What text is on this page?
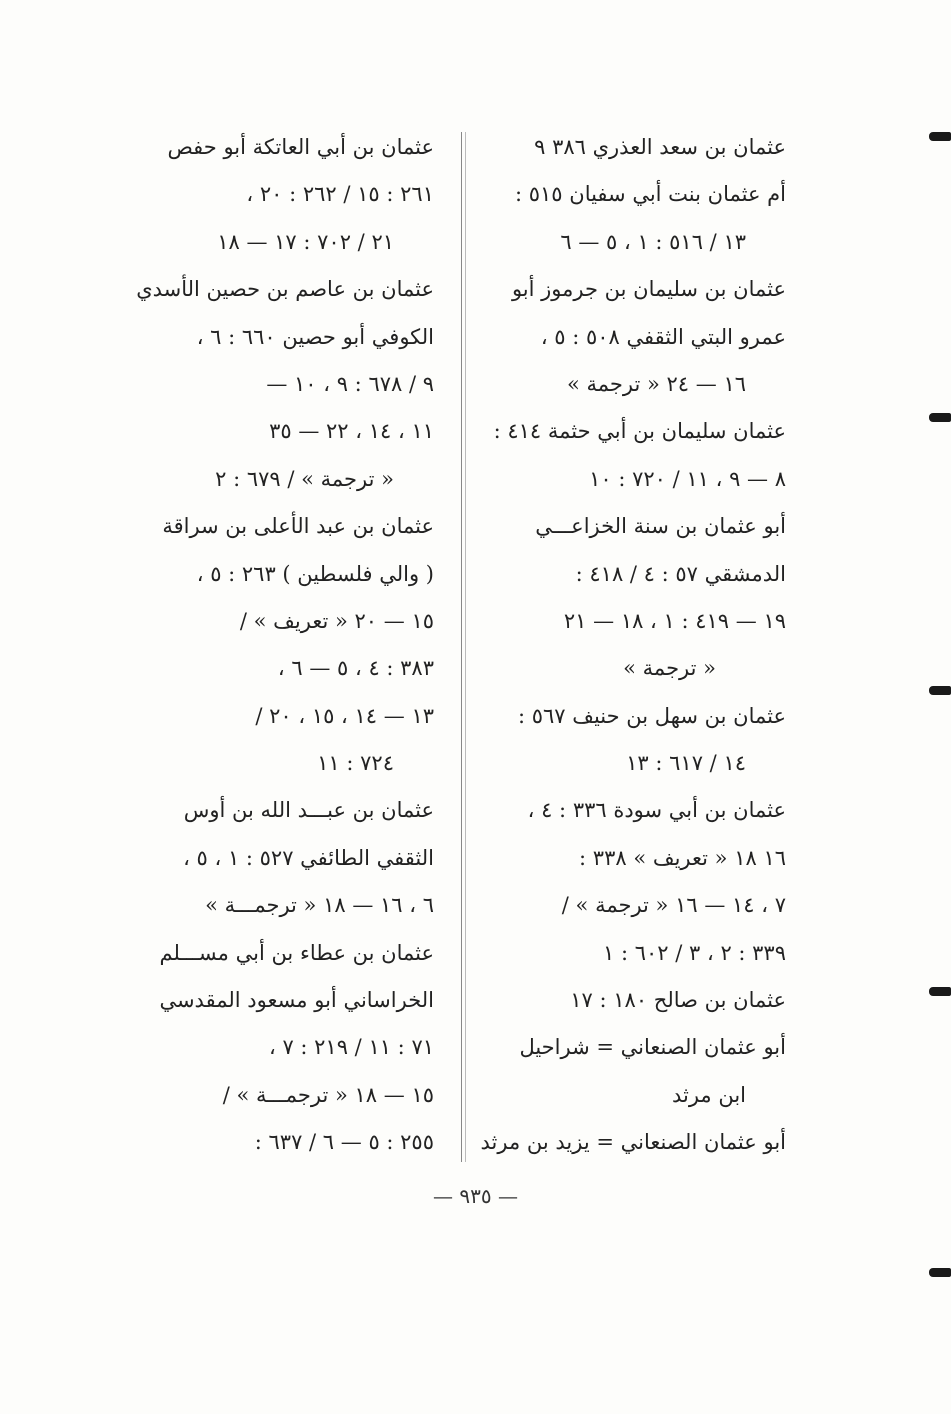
عثمان بن سعد العذري ٣٨٦ ٩
أم عثمان بنت أبي سفيان ٥١٥ :
١٣ / ٥١٦ : ١ ، ٥ — ٦
عثمان بن سليمان بن جرموز أبو
عمرو البتي الثقفي ٥٠٨ : ٥ ،
١٦ — ٢٤ « ترجمة »
عثمان سليمان بن أبي حثمة ٤١٤ :
٨ — ٩ ، ١١ / ٧٢٠ : ١٠
أبو عثمان بن سنة الخزاعـــي
الدمشقي ٥٧ : ٤ / ٤١٨ :
١٩ — ٤١٩ : ١ ، ١٨ — ٢١
« ترجمة »
عثمان بن سهل بن حنيف ٥٦٧ :
١٤ / ٦١٧ : ١٣
عثمان بن أبي سودة ٣٣٦ : ٤ ،
١٦ ١٨ « تعريف » ٣٣٨ :
٧ ، ١٤ — ١٦ « ترجمة » /
٣٣٩ : ٢ ، ٣ / ٦٠٢ : ١
عثمان بن صالح ١٨٠ : ١٧
أبو عثمان الصنعاني = شراحيل
ابن مرثد
أبو عثمان الصنعاني = يزيد بن مرثد
عثمان بن أبي العاتكة أبو حفص
٢٦١ : ١٥ / ٢٦٢ : ٢٠ ،
٢١ / ٧٠٢ : ١٧ — ١٨
عثمان بن عاصم بن حصين الأسدي
الكوفي أبو حصين ٦٦٠ : ٦ ،
٩ / ٦٧٨ : ٩ ، ١٠ —
١١ ، ١٤ ، ٢٢ — ٣٥
« ترجمة » / ٦٧٩ : ٢
عثمان بن عبد الأعلى بن سراقة
( والي فلسطين ) ٢٦٣ : ٥ ،
١٥ — ٢٠ « تعريف » /
٣٨٣ : ٤ ، ٥ — ٦ ،
١٣ — ١٤ ، ١٥ ، ٢٠ /
٧٢٤ : ١١
عثمان بن عبـــد الله بن أوس
الثقفي الطائفي ٥٢٧ : ١ ، ٥ ،
٦ ، ١٦ — ١٨ « ترجمـــة »
عثمان بن عطاء بن أبي مســـلم
الخراساني أبو مسعود المقدسي
٧١ : ١١ / ٢١٩ : ٧ ،
١٥ — ١٨ « ترجمـــة » /
٢٥٥ : ٥ — ٦ / ٦٣٧ :
— ٩٣٥ —
